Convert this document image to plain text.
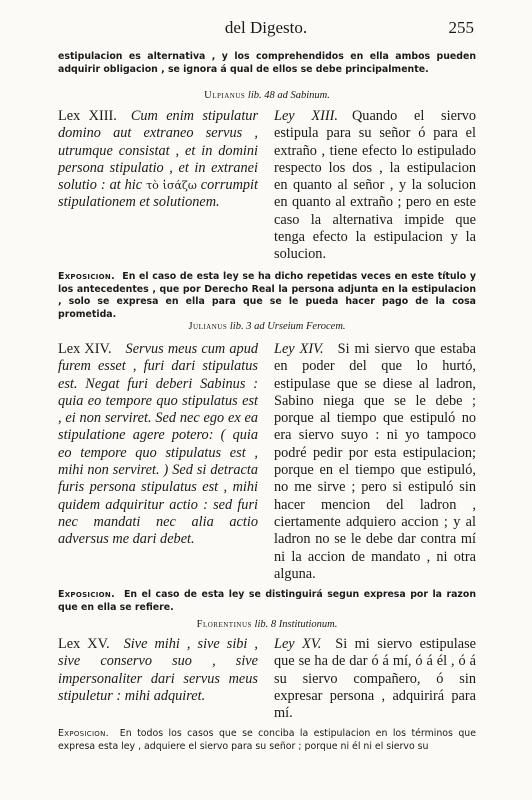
del Digesto.	255

estipulacion es alternativa , y los comprehendidos en ella ambos pueden adquirir obligacion , se ignora á qual de ellos se debe principalmente.

Ulpianus lib. 48 ad Sabinum.

Lex XIII. Cum enim stipulatur domino aut extraneo servus , utrumque consistat , et in domini persona stipulatio , et in extranei solutio : at hic τὸ ἰσάζω corrumpit stipulationem et solutionem.

Ley XIII. Quando el siervo estipula para su señor ó para el extraño , tiene efecto lo estipulado respecto los dos , la estipulacion en quanto al señor , y la solucion en quanto al extraño ; pero en este caso la alternativa impide que tenga efecto la estipulacion y la solucion.

Exposicion. En el caso de esta ley se ha dicho repetidas veces en este título y los antecedentes , que por Derecho Real la persona adjunta en la estipulacion , solo se expresa en ella para que se le pueda hacer pago de la cosa prometida.

Julianus lib. 3 ad Urseium Ferocem.

Lex XIV. Servus meus cum apud furem esset , furi dari stipulatus est. Negat furi deberi Sabinus : quia eo tempore quo stipulatus est , ei non serviret. Sed nec ego ex ea stipulatione agere potero: ( quia eo tempore quo stipulatus est , mihi non serviret. ) Sed si detracta furis persona stipulatus est , mihi quidem adquiritur actio : sed furi nec mandati nec alia actio adversus me dari debet.

Ley XIV. Si mi siervo que estaba en poder del que lo hurtó, estipulase que se diese al ladron, Sabino niega que se le debe ; porque al tiempo que estipuló no era siervo suyo : ni yo tampoco podré pedir por esta estipulacion; porque en el tiempo que estipuló, no me sirve ; pero si estipuló sin hacer mencion del ladron , ciertamente adquiero accion ; y al ladron no se le debe dar contra mí ni la accion de mandato , ni otra alguna.

Exposicion. En el caso de esta ley se distinguirá segun expresa por la razon que en ella se refiere.

Florentinus lib. 8 Institutionum.

Lex XV. Sive mihi , sive sibi , sive conservo suo , sive impersonaliter dari servus meus stipuletur : mihi adquiret.

Ley XV. Si mi siervo estipulase que se ha de dar ó á mí, ó á él , ó á su siervo compañero, ó sin expresar persona , adquirirá para mí.

Exposicion. En todos los casos que se conciba la estipulacion en los términos que expresa esta ley , adquiere el siervo para su señor ; porque ni él ni el siervo su
